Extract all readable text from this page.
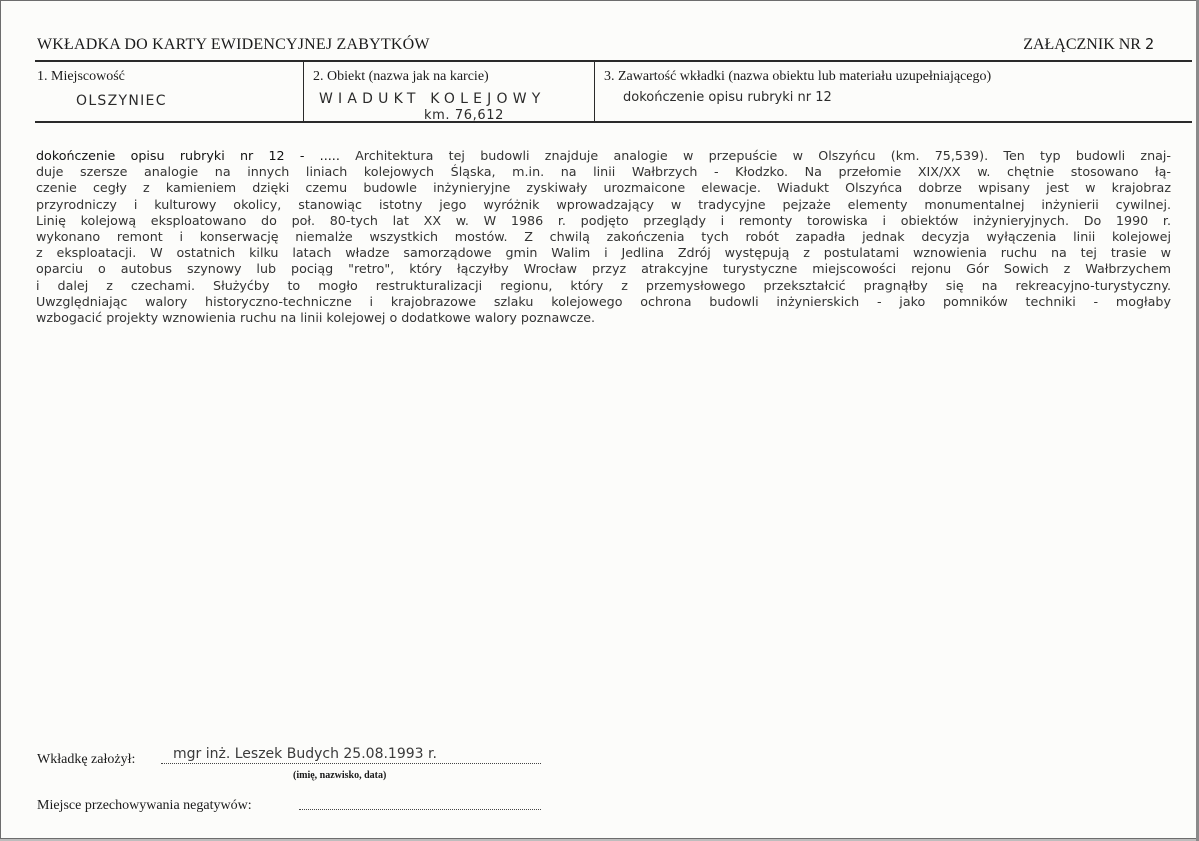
WKŁADKA DO KARTY EWIDENCYJNEJ ZABYTKÓW	ZAŁĄCZNIK NR 2
1. Miejscowość
OLSZYNIEC
2. Obiekt (nazwa jak na karcie)
WIADUKT KOLEJOWY
km. 76,612
3. Zawartość wkładki (nazwa obiektu lub materiału uzupełniającego)
dokończenie opisu rubryki nr 12
dokończenie opisu rubryki nr 12 - ..... Architektura tej budowli znajduje analogie w przepuście w Olszyńcu (km. 75,539). Ten typ budowli znaj-
duje szersze analogie na innych liniach kolejowych Śląska, m.in. na linii Wałbrzych - Kłodzko. Na przełomie XIX/XX w. chętnie stosowano łą-
czenie cegły z kamieniem dzięki czemu budowle inżynieryjne zyskiwały urozmaicone elewacje. Wiadukt Olszyńca dobrze wpisany jest w krajobraz
przyrodniczy i kulturowy okolicy, stanowiąc istotny jego wyróżnik wprowadzający w tradycyjne pejzaże elementy monumentalnej inżynierii cywilnej.
Linię kolejową eksploatowano do poł. 80-tych lat XX w. W 1986 r. podjęto przeglądy i remonty torowiska i obiektów inżynieryjnych. Do 1990 r.
wykonano remont i konserwację niemalże wszystkich mostów. Z chwilą zakończenia tych robót zapadła jednak decyzja wyłączenia linii kolejowej
z eksploatacji. W ostatnich kilku latach władze samorządowe gmin Walim i Jedlina Zdrój występują z postulatami wznowienia ruchu na tej trasie w
oparciu o autobus szynowy lub pociąg "retro", który łączyłby Wrocław przyz atrakcyjne turystyczne miejscowości rejonu Gór Sowich z Wałbrzychem
i dalej z czechami. Służyćby to mogło restrukturalizacji regionu, który z przemysłowego przekształcić pragnąłby się na rekreacyjno-turystyczny.
Uwzględniając walory historyczno-techniczne i krajobrazowe szlaku kolejowego ochrona budowli inżynierskich - jako pomników techniki - mogłaby
wzbogacić projekty wznowienia ruchu na linii kolejowej o dodatkowe walory poznawcze.
Wkładkę założył:	mgr inż. Leszek Budych 25.08.1993 r.
(imię, nazwisko, data)
Miejsce przechowywania negatywów:
